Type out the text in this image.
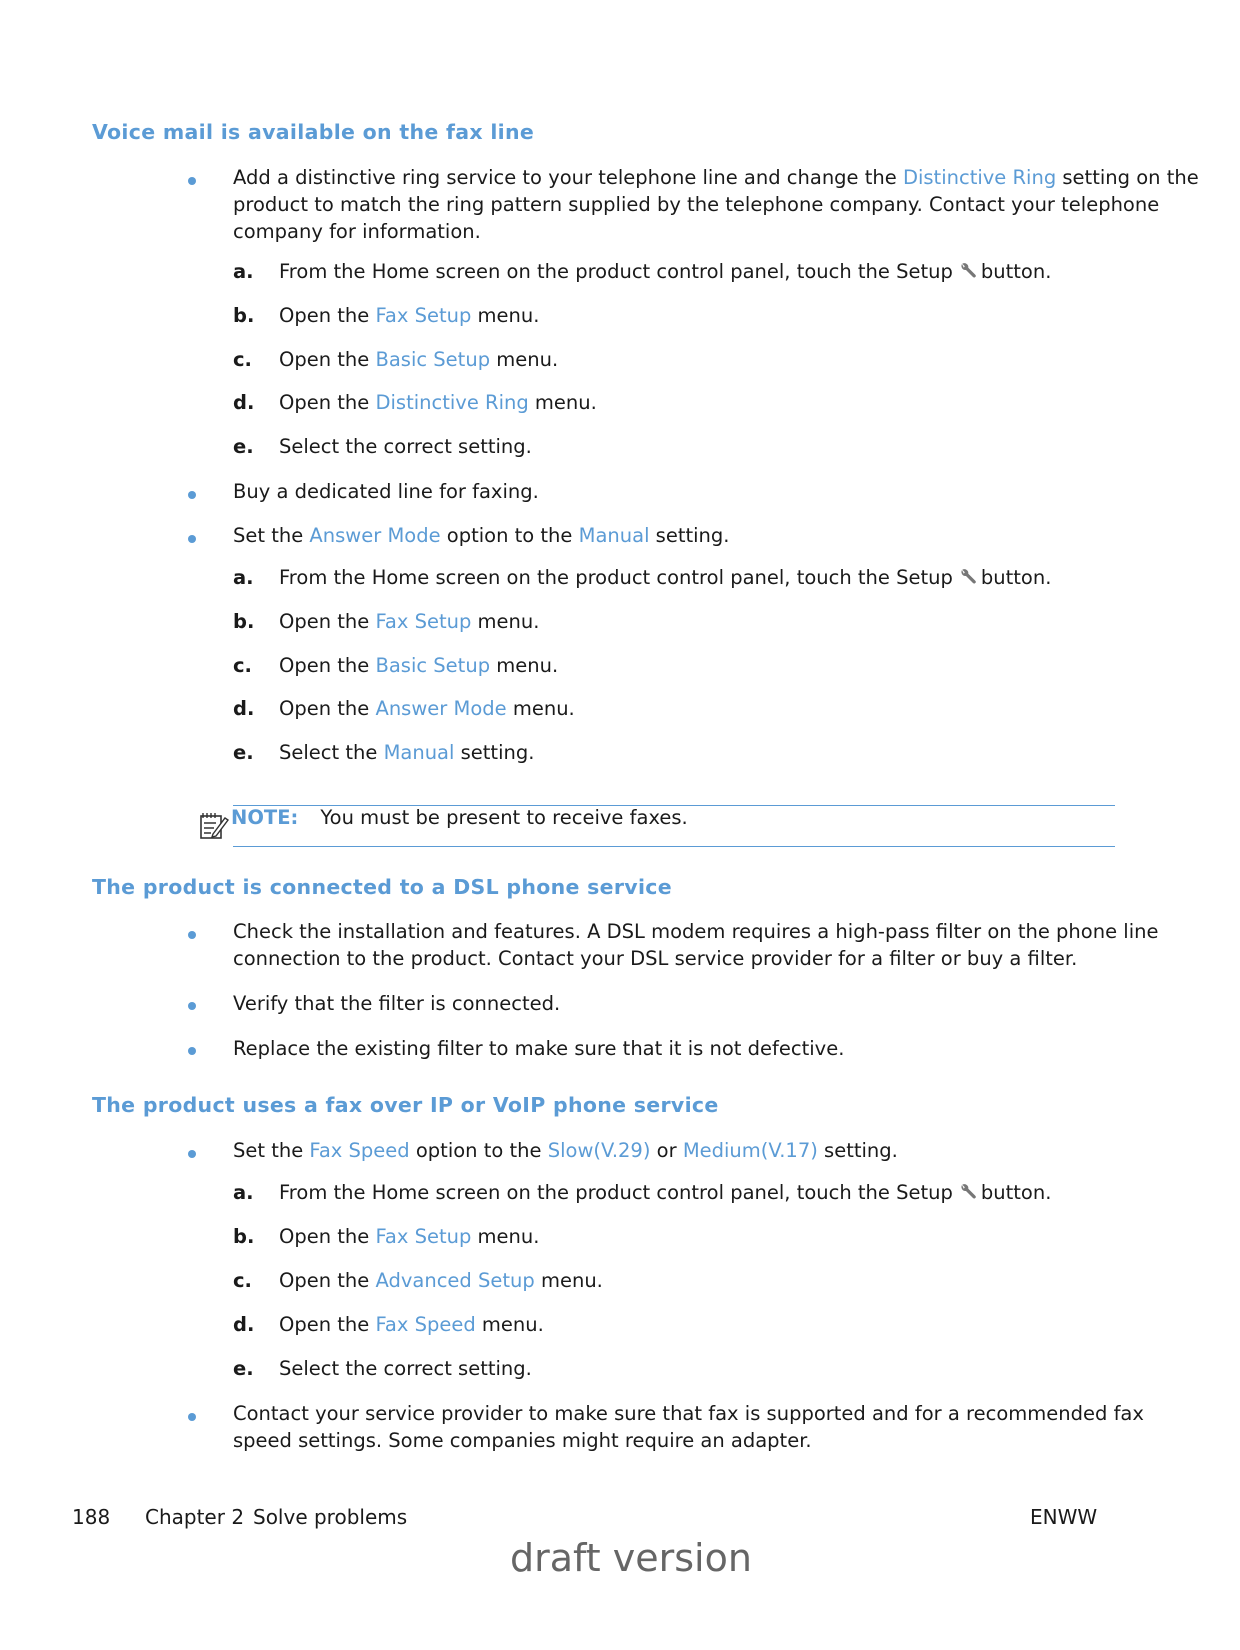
Voice mail is available on the fax line
Add a distinctive ring service to your telephone line and change the Distinctive Ring setting on the
product to match the ring pattern supplied by the telephone company. Contact your telephone
company for information.
a. From the Home screen on the product control panel, touch the Setup button.
b. Open the Fax Setup menu.
c. Open the Basic Setup menu.
d. Open the Distinctive Ring menu.
e. Select the correct setting.
Buy a dedicated line for faxing.
Set the Answer Mode option to the Manual setting.
a. From the Home screen on the product control panel, touch the Setup button.
b. Open the Fax Setup menu.
c. Open the Basic Setup menu.
d. Open the Answer Mode menu.
e. Select the Manual setting.
NOTE: You must be present to receive faxes.
The product is connected to a DSL phone service
Check the installation and features. A DSL modem requires a high-pass filter on the phone line
connection to the product. Contact your DSL service provider for a filter or buy a filter.
Verify that the filter is connected.
Replace the existing filter to make sure that it is not defective.
The product uses a fax over IP or VoIP phone service
Set the Fax Speed option to the Slow(V.29) or Medium(V.17) setting.
a. From the Home screen on the product control panel, touch the Setup button.
b. Open the Fax Setup menu.
c. Open the Advanced Setup menu.
d. Open the Fax Speed menu.
e. Select the correct setting.
Contact your service provider to make sure that fax is supported and for a recommended fax
speed settings. Some companies might require an adapter.
188 Chapter 2 Solve problems	ENWW
draft version
